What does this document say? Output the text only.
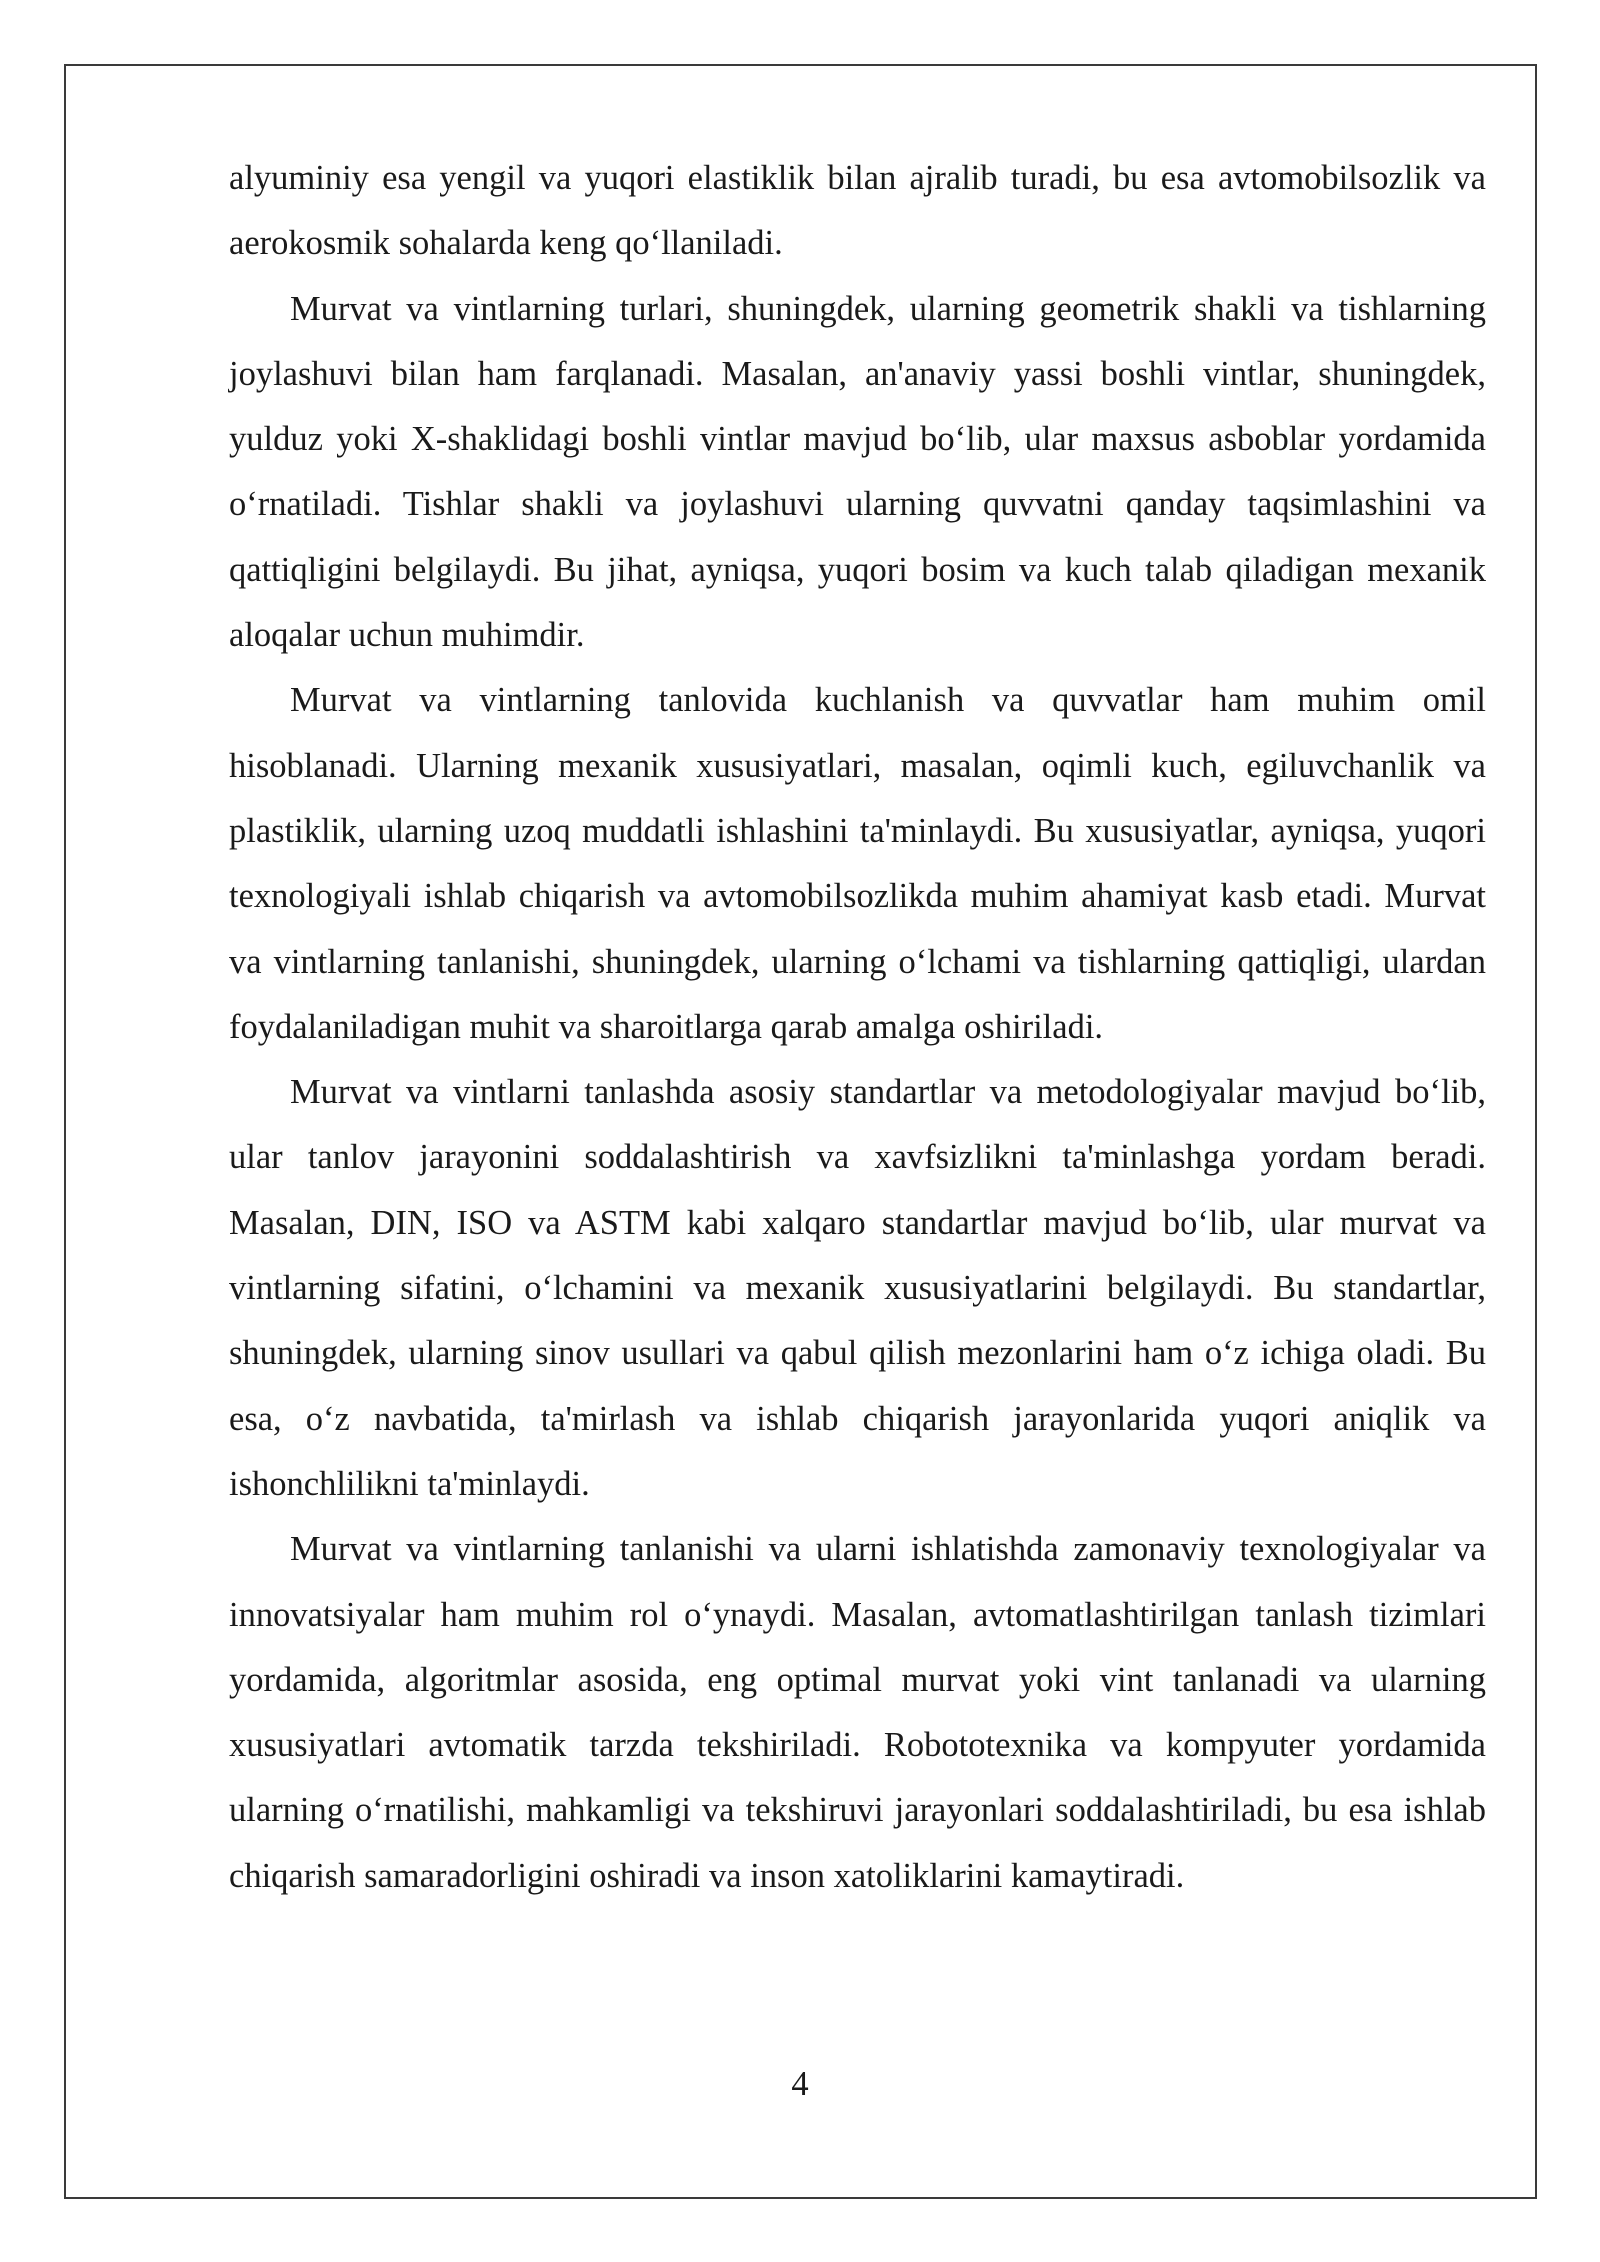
alyuminiy esa yengil va yuqori elastiklik bilan ajralib turadi, bu esa avtomobilsozlik va aerokosmik sohalarda keng qo‘llaniladi.

Murvat va vintlarning turlari, shuningdek, ularning geometrik shakli va tishlarning joylashuvi bilan ham farqlanadi. Masalan, an'anaviy yassi boshli vintlar, shuningdek, yulduz yoki X-shaklidagi boshli vintlar mavjud bo‘lib, ular maxsus asboblar yordamida o‘rnatiladi. Tishlar shakli va joylashuvi ularning quvvatni qanday taqsimlashini va qattiqligini belgilaydi. Bu jihat, ayniqsa, yuqori bosim va kuch talab qiladigan mexanik aloqalar uchun muhimdir.

Murvat va vintlarning tanlovida kuchlanish va quvvatlar ham muhim omil hisoblanadi. Ularning mexanik xususiyatlari, masalan, oqimli kuch, egiluvchanlik va plastiklik, ularning uzoq muddatli ishlashini ta'minlaydi. Bu xususiyatlar, ayniqsa, yuqori texnologiyali ishlab chiqarish va avtomobilsozlikda muhim ahamiyat kasb etadi. Murvat va vintlarning tanlanishi, shuningdek, ularning o‘lchami va tishlarning qattiqligi, ulardan foydalaniladigan muhit va sharoitlarga qarab amalga oshiriladi.

Murvat va vintlarni tanlashda asosiy standartlar va metodologiyalar mavjud bo‘lib, ular tanlov jarayonini soddalashtirish va xavfsizlikni ta'minlashga yordam beradi. Masalan, DIN, ISO va ASTM kabi xalqaro standartlar mavjud bo‘lib, ular murvat va vintlarning sifatini, o‘lchamini va mexanik xususiyatlarini belgilaydi. Bu standartlar, shuningdek, ularning sinov usullari va qabul qilish mezonlarini ham o‘z ichiga oladi. Bu esa, o‘z navbatida, ta'mirlash va ishlab chiqarish jarayonlarida yuqori aniqlik va ishonchlilikni ta'minlaydi.

Murvat va vintlarning tanlanishi va ularni ishlatishda zamonaviy texnologiyalar va innovatsiyalar ham muhim rol o‘ynaydi. Masalan, avtomatlashtirilgan tanlash tizimlari yordamida, algoritmlar asosida, eng optimal murvat yoki vint tanlanadi va ularning xususiyatlari avtomatik tarzda tekshiriladi. Robototexnika va kompyuter yordamida ularning o‘rnatilishi, mahkamligi va tekshiruvi jarayonlari soddalashtiriladi, bu esa ishlab chiqarish samaradorligini oshiradi va inson xatoliklarini kamaytiradi.

4
